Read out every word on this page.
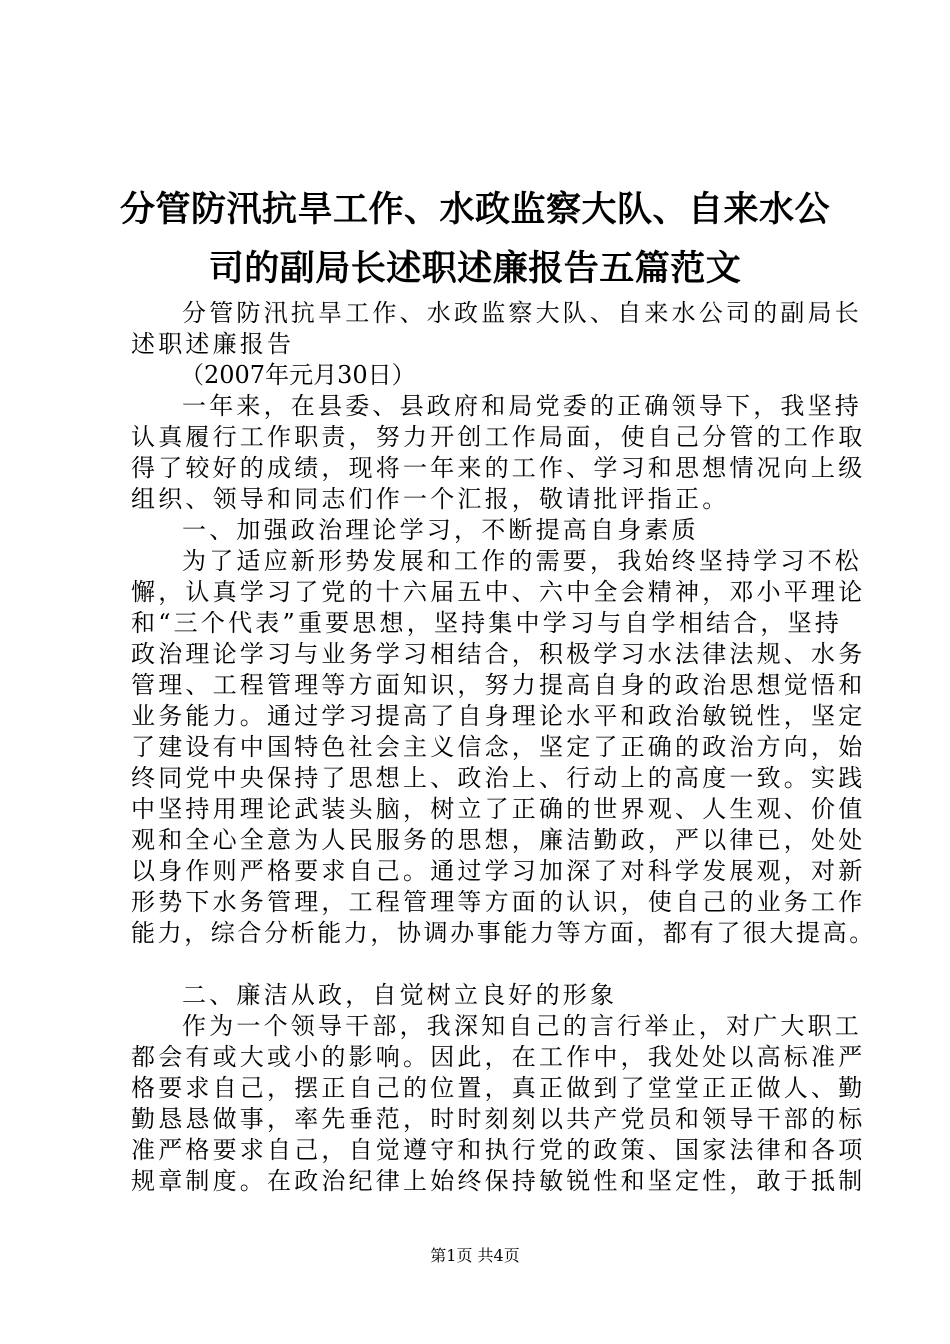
分管防汛抗旱工作、水政监察大队、自来水公
司的副局长述职述廉报告五篇范文
分管防汛抗旱工作、水政监察大队、自来水公司的副局长
述职述廉报告
（2007年元月30日）
一年来，在县委、县政府和局党委的正确领导下，我坚持
认真履行工作职责，努力开创工作局面，使自己分管的工作取
得了较好的成绩，现将一年来的工作、学习和思想情况向上级
组织、领导和同志们作一个汇报，敬请批评指正。
一、加强政治理论学习，不断提高自身素质
为了适应新形势发展和工作的需要，我始终坚持学习不松
懈，认真学习了党的十六届五中、六中全会精神，邓小平理论
和“三个代表”重要思想，坚持集中学习与自学相结合，坚持
政治理论学习与业务学习相结合，积极学习水法律法规、水务
管理、工程管理等方面知识，努力提高自身的政治思想觉悟和
业务能力。通过学习提高了自身理论水平和政治敏锐性，坚定
了建设有中国特色社会主义信念，坚定了正确的政治方向，始
终同党中央保持了思想上、政治上、行动上的高度一致。实践
中坚持用理论武装头脑，树立了正确的世界观、人生观、价值
观和全心全意为人民服务的思想，廉洁勤政，严以律已，处处
以身作则严格要求自己。通过学习加深了对科学发展观，对新
形势下水务管理，工程管理等方面的认识，使自己的业务工作
能力，综合分析能力，协调办事能力等方面，都有了很大提高。
二、廉洁从政，自觉树立良好的形象
作为一个领导干部，我深知自己的言行举止，对广大职工
都会有或大或小的影响。因此，在工作中，我处处以高标准严
格要求自己，摆正自己的位置，真正做到了堂堂正正做人、勤
勤恳恳做事，率先垂范，时时刻刻以共产党员和领导干部的标
准严格要求自己，自觉遵守和执行党的政策、国家法律和各项
规章制度。在政治纪律上始终保持敏锐性和坚定性，敢于抵制
第1页 共4页
